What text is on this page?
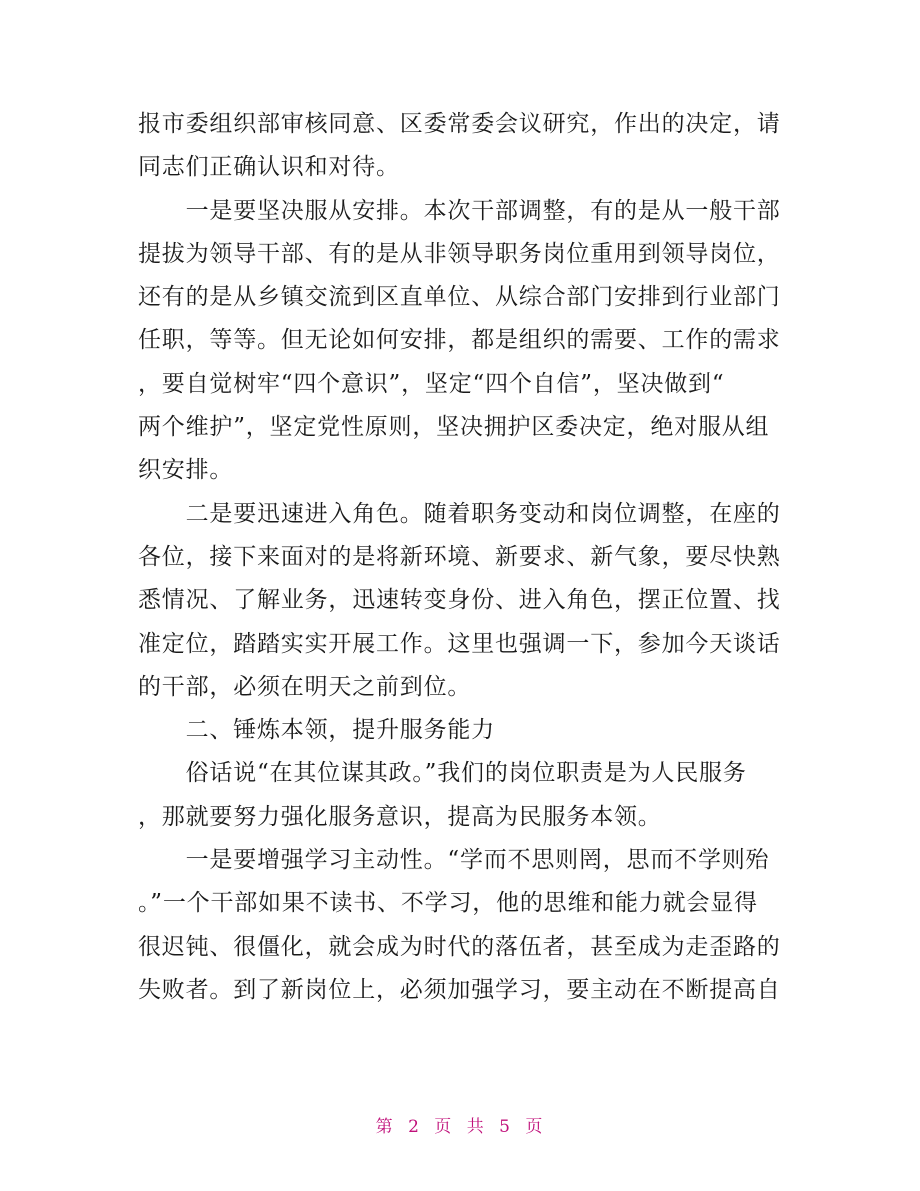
报市委组织部审核同意、区委常委会议研究，作出的决定，请
同志们正确认识和对待。
　　一是要坚决服从安排。本次干部调整，有的是从一般干部
提拔为领导干部、有的是从非领导职务岗位重用到领导岗位，
还有的是从乡镇交流到区直单位、从综合部门安排到行业部门
任职，等等。但无论如何安排，都是组织的需要、工作的需求
，要自觉树牢“四个意识”，坚定“四个自信”，坚决做到“
两个维护”，坚定党性原则，坚决拥护区委决定，绝对服从组
织安排。
　　二是要迅速进入角色。随着职务变动和岗位调整，在座的
各位，接下来面对的是将新环境、新要求、新气象，要尽快熟
悉情况、了解业务，迅速转变身份、进入角色，摆正位置、找
准定位，踏踏实实开展工作。这里也强调一下，参加今天谈话
的干部，必须在明天之前到位。
　　二、锤炼本领，提升服务能力
　　俗话说“在其位谋其政。”我们的岗位职责是为人民服务
，那就要努力强化服务意识，提高为民服务本领。
　　一是要增强学习主动性。“学而不思则罔，思而不学则殆
。”一个干部如果不读书、不学习，他的思维和能力就会显得
很迟钝、很僵化，就会成为时代的落伍者，甚至成为走歪路的
失败者。到了新岗位上，必须加强学习，要主动在不断提高自
第 2 页 共 5 页
